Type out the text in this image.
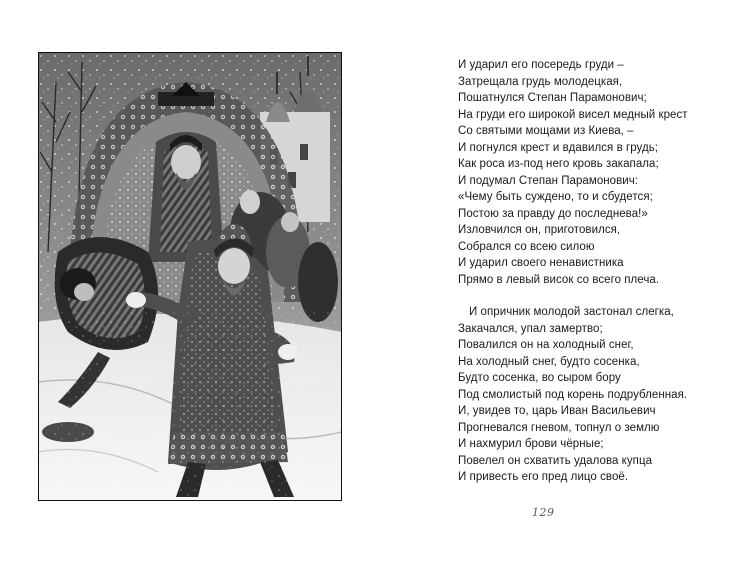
И ударил его посередь груди –
Затрещала грудь молодецкая,
Пошатнулся Степан Парамонович;
На груди его широкой висел медный крест
Со святыми мощами из Киева, –
И погнулся крест и вдавился в грудь;
Как роса из-под него кровь закапала;
И подумал Степан Парамонович:
«Чему быть суждено, то и сбудется;
Постою за правду до последнева!»
Изловчился он, приготовился,
Собрался со всею силою
И ударил своего ненавистника
Прямо в левый висок со всего плеча.
И опричник молодой застонал слегка,
Закачался, упал замертво;
Повалился он на холодный снег,
На холодный снег, будто сосенка,
Будто сосенка, во сыром бору
Под смолистый под корень подрубленная.
И, увидев то, царь Иван Васильевич
Прогневался гневом, топнул о землю
И нахмурил брови чёрные;
Повелел он схватить удалова купца
И привесть его пред лицо своё.
129
